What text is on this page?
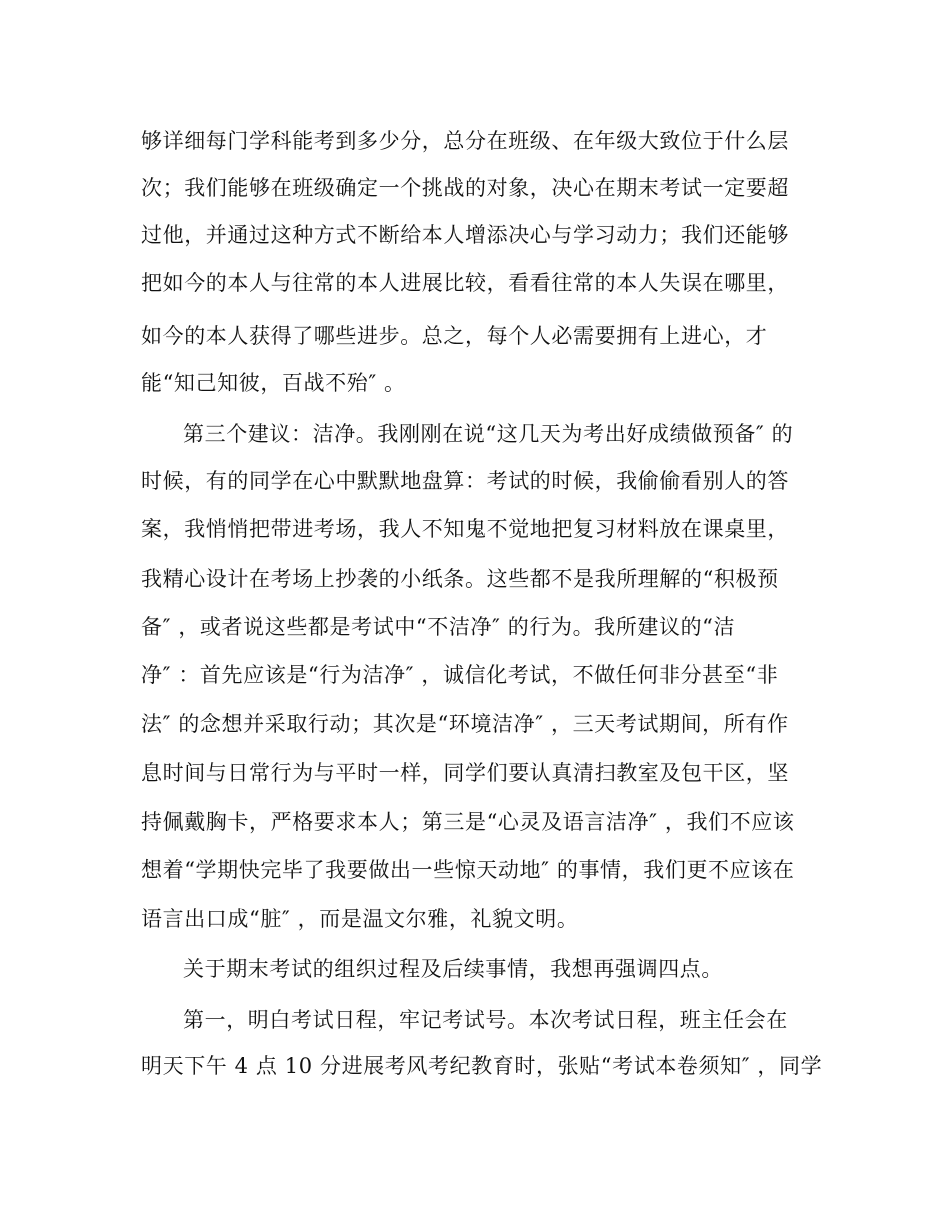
够详细每门学科能考到多少分，总分在班级、在年级大致位于什么层

次；我们能够在班级确定一个挑战的对象，决心在期末考试一定要超

过他，并通过这种方式不断给本人增添决心与学习动力；我们还能够

把如今的本人与往常的本人进展比较，看看往常的本人失误在哪里，

如今的本人获得了哪些进步。总之，每个人必需要拥有上进心，才

能“知己知彼，百战不殆″ 。

第三个建议：洁净。我刚刚在说“这几天为考出好成绩做预备″ 的

时候，有的同学在心中默默地盘算：考试的时候，我偷偷看别人的答

案，我悄悄把带进考场，我人不知鬼不觉地把复习材料放在课桌里，

我精心设计在考场上抄袭的小纸条。这些都不是我所理解的“积极预

备″ ，或者说这些都是考试中“不洁净″ 的行为。我所建议的“洁

净″ ：首先应该是“行为洁净″ ，诚信化考试，不做任何非分甚至“非

法″ 的念想并采取行动；其次是“环境洁净″ ，三天考试期间，所有作

息时间与日常行为与平时一样，同学们要认真清扫教室及包干区，坚

持佩戴胸卡，严格要求本人；第三是“心灵及语言洁净″ ，我们不应该

想着“学期快完毕了我要做出一些惊天动地″ 的事情，我们更不应该在

语言出口成“脏″ ，而是温文尔雅，礼貌文明。

关于期末考试的组织过程及后续事情，我想再强调四点。

第一，明白考试日程，牢记考试号。本次考试日程，班主任会在

明天下午 4 点 10 分进展考风考纪教育时，张贴“考试本卷须知″ ，同学
